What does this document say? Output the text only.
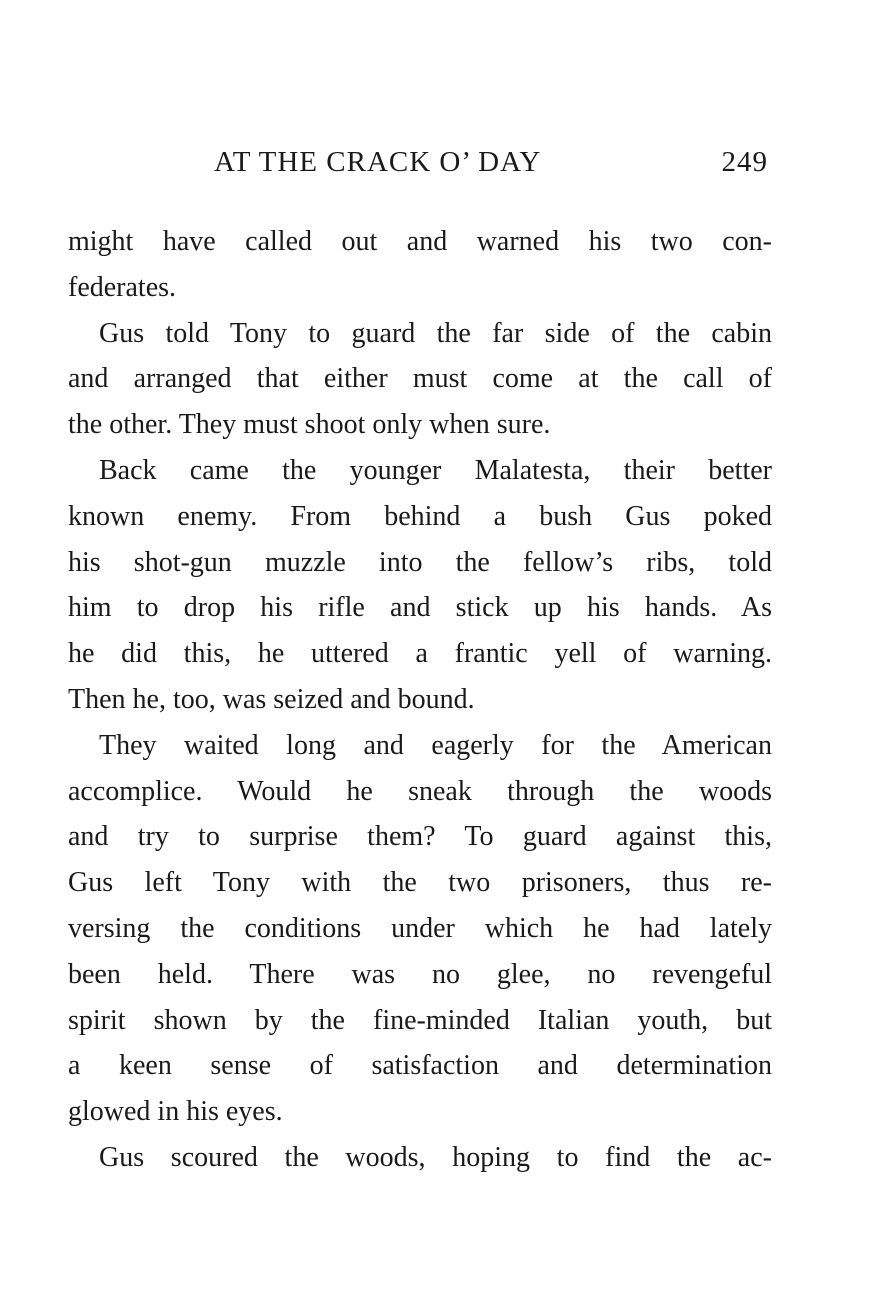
AT THE CRACK O’ DAY	249
might have called out and warned his two con-
federates.
Gus told Tony to guard the far side of the cabin
and arranged that either must come at the call of
the other. They must shoot only when sure.
Back came the younger Malatesta, their better
known enemy. From behind a bush Gus poked
his shot-gun muzzle into the fellow’s ribs, told
him to drop his rifle and stick up his hands. As
he did this, he uttered a frantic yell of warning.
Then he, too, was seized and bound.
They waited long and eagerly for the American
accomplice. Would he sneak through the woods
and try to surprise them? To guard against this,
Gus left Tony with the two prisoners, thus re-
versing the conditions under which he had lately
been held. There was no glee, no revengeful
spirit shown by the fine-minded Italian youth, but
a keen sense of satisfaction and determination
glowed in his eyes.
Gus scoured the woods, hoping to find the ac-
